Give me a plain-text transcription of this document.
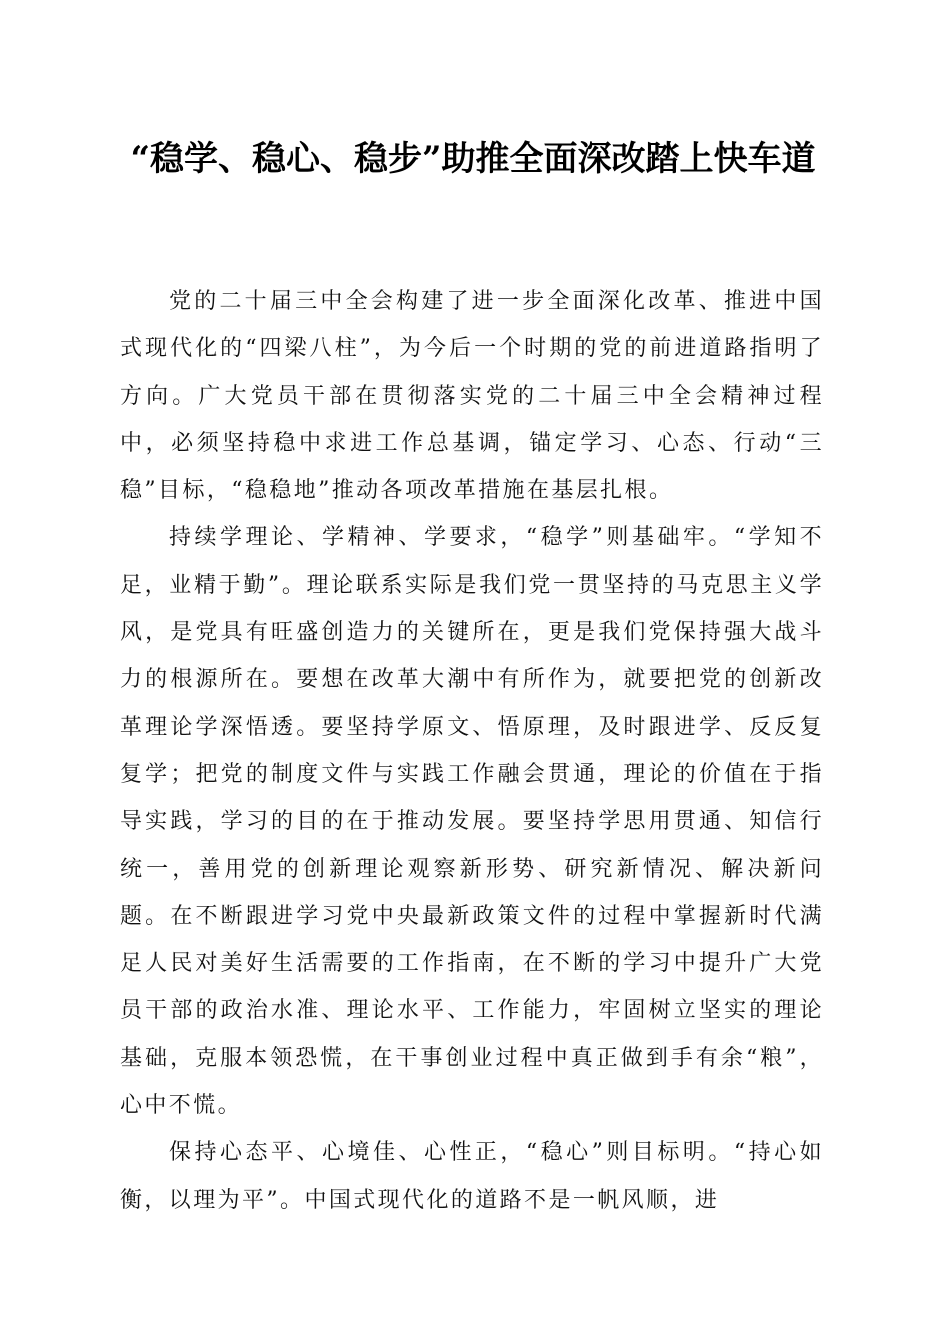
“稳学、稳心、稳步”助推全面深改踏上快车道

党的二十届三中全会构建了进一步全面深化改革、推进中国式现代化的“四梁八柱”，为今后一个时期的党的前进道路指明了方向。广大党员干部在贯彻落实党的二十届三中全会精神过程中，必须坚持稳中求进工作总基调，锚定学习、心态、行动“三稳”目标，“稳稳地”推动各项改革措施在基层扎根。

持续学理论、学精神、学要求，“稳学”则基础牢。“学知不足，业精于勤”。理论联系实际是我们党一贯坚持的马克思主义学风，是党具有旺盛创造力的关键所在，更是我们党保持强大战斗力的根源所在。要想在改革大潮中有所作为，就要把党的创新改革理论学深悟透。要坚持学原文、悟原理，及时跟进学、反反复复学；把党的制度文件与实践工作融会贯通，理论的价值在于指导实践，学习的目的在于推动发展。要坚持学思用贯通、知信行统一，善用党的创新理论观察新形势、研究新情况、解决新问题。在不断跟进学习党中央最新政策文件的过程中掌握新时代满足人民对美好生活需要的工作指南，在不断的学习中提升广大党员干部的政治水准、理论水平、工作能力，牢固树立坚实的理论基础，克服本领恐慌，在干事创业过程中真正做到手有余“粮”，心中不慌。

保持心态平、心境佳、心性正，“稳心”则目标明。“持心如衡，以理为平”。中国式现代化的道路不是一帆风顺，进
